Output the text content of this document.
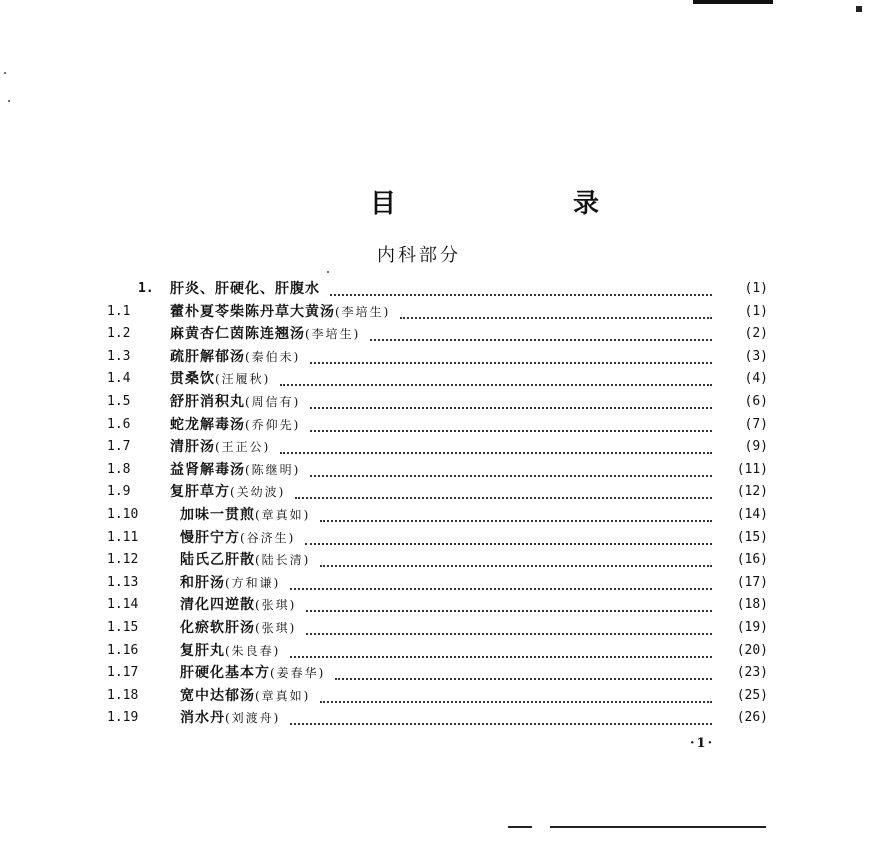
目 录
内科部分
1.	肝炎、肝硬化、肝腹水	(1)
1.1	藿朴夏苓柴陈丹草大黄汤(李培生)	(1)
1.2	麻黄杏仁茵陈连翘汤(李培生)	(2)
1.3	疏肝解郁汤(秦伯未)	(3)
1.4	贯桑饮(汪履秋)	(4)
1.5	舒肝消积丸(周信有)	(6)
1.6	蛇龙解毒汤(乔仰先)	(7)
1.7	清肝汤(王正公)	(9)
1.8	益肾解毒汤(陈继明)	(11)
1.9	复肝草方(关幼波)	(12)
1.10	加味一贯煎(章真如)	(14)
1.11	慢肝宁方(谷济生)	(15)
1.12	陆氏乙肝散(陆长清)	(16)
1.13	和肝汤(方和谦)	(17)
1.14	清化四逆散(张琪)	(18)
1.15	化瘀软肝汤(张琪)	(19)
1.16	复肝丸(朱良春)	(20)
1.17	肝硬化基本方(姜春华)	(23)
1.18	宽中达郁汤(章真如)	(25)
1.19	消水丹(刘渡舟)	(26)
·1·
